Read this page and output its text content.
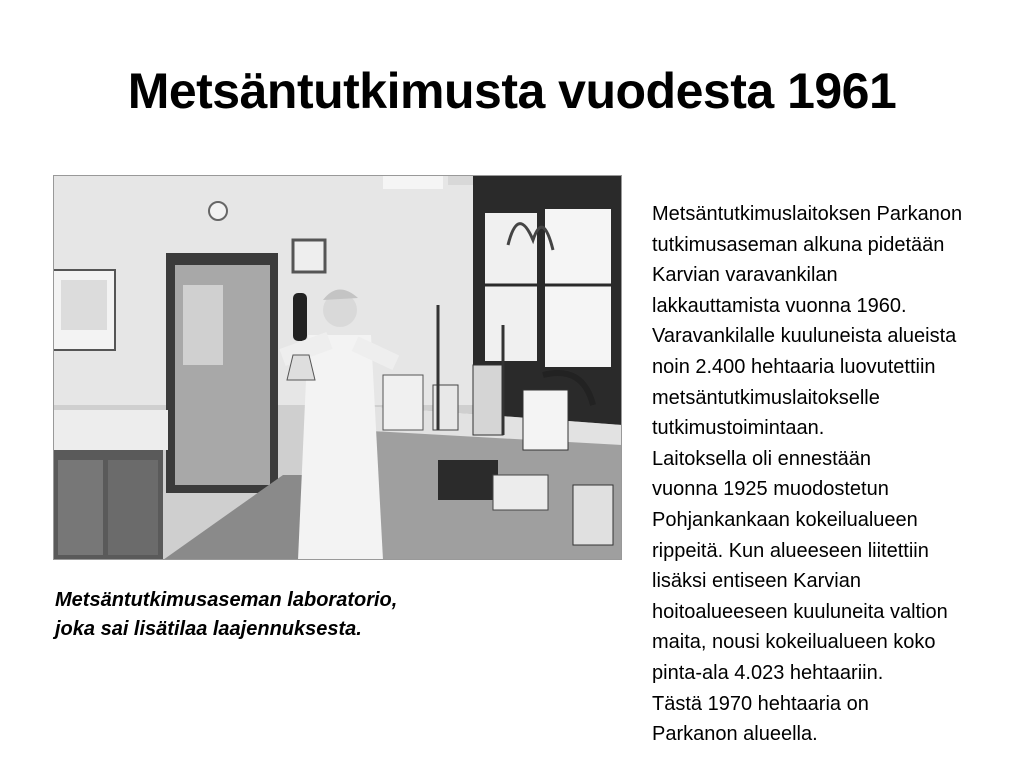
Metsäntutkimusta vuodesta 1961
Metsäntutkimusaseman laboratorio,
joka sai lisätilaa laajennuksesta.
Metsäntutkimuslaitoksen Parkanon
tutkimusaseman alkuna pidetään
Karvian varavankilan
lakkauttamista vuonna 1960.
Varavankilalle kuuluneista alueista
noin 2.400 hehtaaria luovutettiin
metsäntutkimuslaitokselle
tutkimustoimintaan.
Laitoksella oli ennestään
vuonna 1925 muodostetun
Pohjankankaan kokeilualueen
rippeitä. Kun alueeseen liitettiin
lisäksi entiseen Karvian
hoitoalueeseen kuuluneita valtion
maita, nousi kokeilualueen koko
pinta-ala 4.023 hehtaariin.
Tästä 1970 hehtaaria on
Parkanon alueella.
